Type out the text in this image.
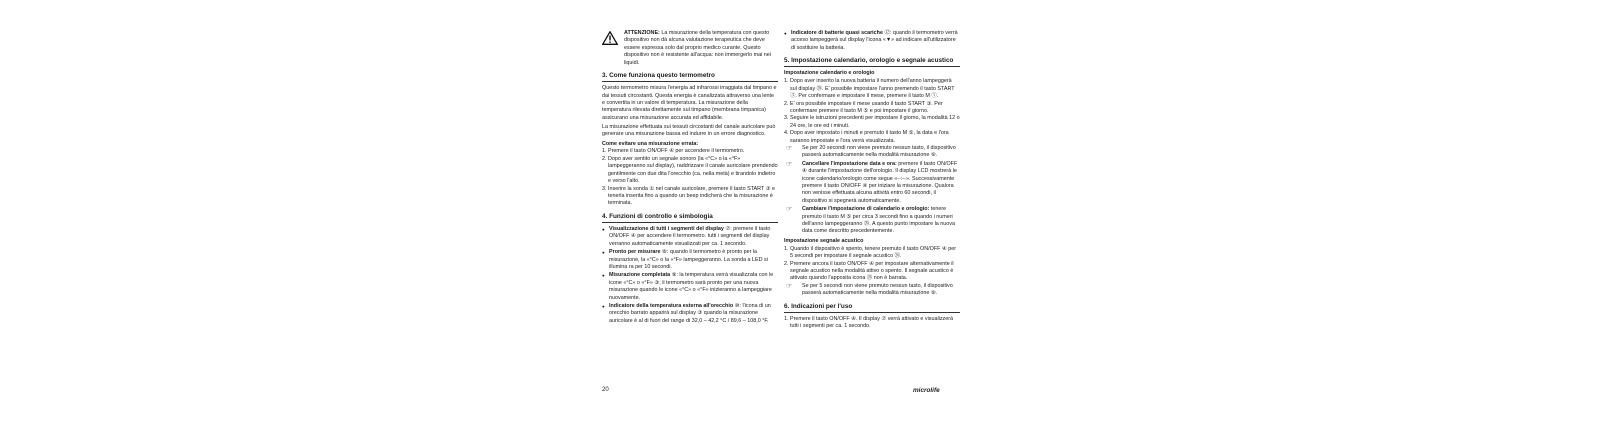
ATTENZIONE: La misurazione della temperatura con questo dispositivo non dà alcuna valutazione terapeutica che deve essere espressa solo dal proprio medico curante. Questo dispositivo non è resistente all'acqua: non immergerlo mai nei liquidi.
3. Come funziona questo termometro

Questo termometro misura l'energia ad infrarossi irraggiata dal timpano e dai tessuti circostanti. Questa energia è canalizzata attraverso una lente e convertita in un valore di temperatura. La misurazione della temperatura rilevata direttamente sul timpano (membrana timpanica) assicurano una misurazione accurata ed affidabile.

La misurazione effettuata sui tessuti circostanti del canale auricolare può generare una misurazione bassa ed indurre in un errore diagnostico.

Come evitare una misurazione errata:
1. Premere il tasto ON/OFF ④ per accendere il termometro.
2. Dopo aver sentito un segnale sonoro (la «°C» o la «°F» lampeggeranno sul display), raddrizzare il canale auricolare prendendo gentilmente con due dita l'orecchio (ca. nella metà) e tirandolo indietro e verso l'alto.
3. Inserire la sonda ① nel canale auricolare, premere il tasto START ③ e tenerla inserita fino a quando un beep indicherà che la misurazione è terminata.
4. Funzioni di controllo e simbologia
● Visualizzazione di tutti i segmenti del display ⑦: premere il tasto ON/OFF ④ per accendere il termometro. tutti i segmenti del display verranno automaticamente visualizzati per ca. 1 secondo.
● Pronto per misurare ⑧: quando il termometro è pronto per la misurazione, la «°C» o la «°F» lampeggeranno. La sonda a LED si illumina ra per 10 secondi.
● Misurazione completata ⑨: la temperatura verrà visualizzata con le icone «°C» o «°F» ③; il termometro sarà pronto per una nuova misurazione quando le icone «°C» o «°F» inizieranno a lampeggiare nuovamente.
● Indicatore della temperatura esterna all'orecchio ⑩: l'icona di un orecchio barrato apparirà sul display ③ quando la misurazione auricolare è al di fuori del range di 32,0 – 42,2 °C / 89,6 – 108,0 °F.
● Indicatore di batterie quasi scariche ⑫: quando il termometro verrà acceso lampeggerà sul display l'icona «▼» ad indicare all'utilizzatore di sostituire la batteria.
5. Impostazione calendario, orologio e segnale acustico
Impostazione calendario e orologio
1. Dopo aver inserito la nuova batteria il numero dell'anno lampeggerà sul display ⑳. E' possibile impostare l'anno premendo il tasto START ③. Per confermare e impostare il mese, premere il tasto M ⑤.
2. E' ora possibile impostare il mese usando il tasto START ③. Per confermare premere il tasto M ⑤ e poi impostare il giorno.
3. Seguire le istruzioni precedenti per impostare il giorno, la modalità 12 o 24 ore, le ore ed i minuti.
4. Dopo aver impostato i minuti e premuto il tasto M ⑤, la data e l'ora saranno impostate e l'ora verrà visualizzata.
☞ Se per 20 secondi non viene premuto nessun tasto, il dispositivo passerà automaticamente nella modalità misurazione ⑨.
☞ Cancellare l'impostazione data e ora: premere il tasto ON/OFF ④ durante l'impostazione dell'orologio. Il display LCD mostrerà le icone calendario/orologio come segue «--:--». Successivamente premere il tasto ON/OFF ④ per iniziare la misurazione. Qualora non venisse effettuata alcuna attività entro 60 secondi, il dispositivo si spegnerà automaticamente.
☞ Cambiare l'impostazione di calendario e orologio: tenere premuto il tasto M ⑤ per circa 3 secondi fino a quando i numeri dell'anno lampeggeranno ⑳. A questo punto impostare la nuova data come descritto precedentemente.
Impostazione segnale acustico
1. Quando il dispositivo è spento, tenere premuto il tasto ON/OFF ④ per 5 secondi per impostare il segnale acustico ㉖.
2. Premere ancora il tasto ON/OFF ④ per impostare alternativamente il segnale acustico nella modalità attivo o spento. Il segnale acustico è attivato quando l'apposita icona ㉖ non è barrata.
☞ Se per 5 secondi non viene premuto nessun tasto, il dispositivo passerà automaticamente nella modalità misurazione ⑨.
6. Indicazioni per l'uso
1. Premere il tasto ON/OFF ④. Il display ⑦ verrà attivato e visualizzerà tutti i segmenti per ca. 1 secondo.
20	microlife
